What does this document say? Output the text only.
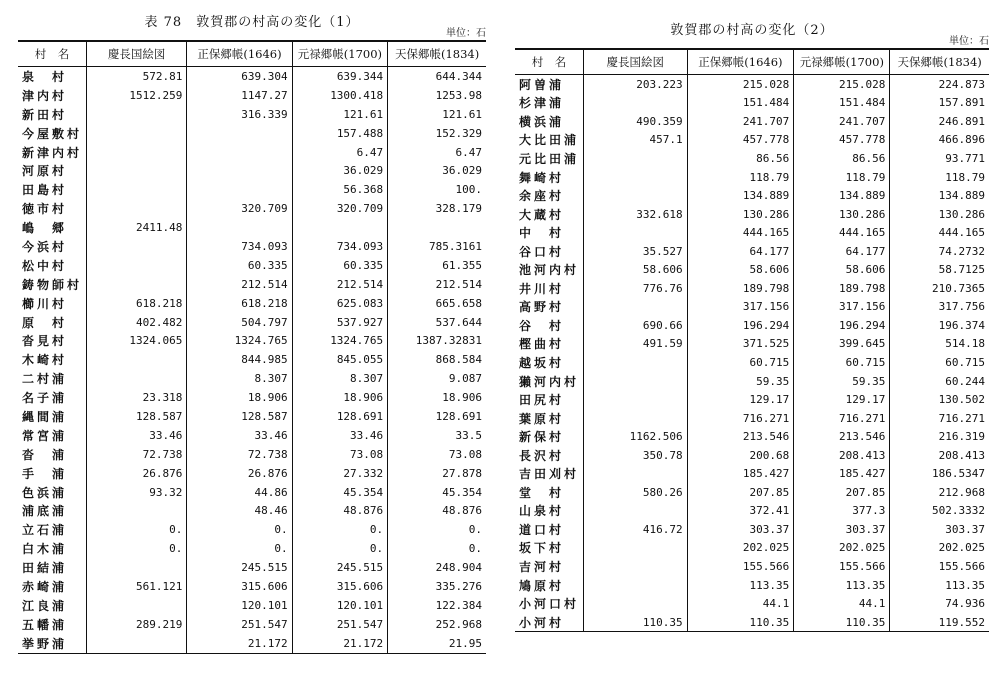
表 78　敦賀郡の村高の変化（1）
単位：石
村　名	慶長国絵図	正保郷帳(1646)	元禄郷帳(1700)	天保郷帳(1834)
泉　村	572.81	639.304	639.344	644.344
津内村	1512.259	1147.27	1300.418	1253.98
新田村		316.339	121.61	121.61
今屋敷村			157.488	152.329
新津内村			6.47	6.47
河原村			36.029	36.029
田島村			56.368	100.
徳市村		320.709	320.709	328.179
嶋　郷	2411.48			
今浜村		734.093	734.093	785.3161
松中村		60.335	60.335	61.355
鋳物師村		212.514	212.514	212.514
櫛川村	618.218	618.218	625.083	665.658
原　村	402.482	504.797	537.927	537.644
沓見村	1324.065	1324.765	1324.765	1387.32831
木崎村		844.985	845.055	868.584
二村浦		8.307	8.307	9.087
名子浦	23.318	18.906	18.906	18.906
縄間浦	128.587	128.587	128.691	128.691
常宮浦	33.46	33.46	33.46	33.5
沓　浦	72.738	72.738	73.08	73.08
手　浦	26.876	26.876	27.332	27.878
色浜浦	93.32	44.86	45.354	45.354
浦底浦		48.46	48.876	48.876
立石浦	0.	0.	0.	0.
白木浦	0.	0.	0.	0.
田結浦		245.515	245.515	248.904
赤崎浦	561.121	315.606	315.606	335.276
江良浦		120.101	120.101	122.384
五幡浦	289.219	251.547	251.547	252.968
挙野浦		21.172	21.172	21.95
敦賀郡の村高の変化（2）
単位：石
村　名	慶長国絵図	正保郷帳(1646)	元禄郷帳(1700)	天保郷帳(1834)
阿曽浦	203.223	215.028	215.028	224.873
杉津浦		151.484	151.484	157.891
横浜浦	490.359	241.707	241.707	246.891
大比田浦	457.1	457.778	457.778	466.896
元比田浦		86.56	86.56	93.771
舞崎村		118.79	118.79	118.79
余座村		134.889	134.889	134.889
大蔵村	332.618	130.286	130.286	130.286
中　村		444.165	444.165	444.165
谷口村	35.527	64.177	64.177	74.2732
池河内村	58.606	58.606	58.606	58.7125
井川村	776.76	189.798	189.798	210.7365
高野村		317.156	317.156	317.756
谷　村	690.66	196.294	196.294	196.374
樫曲村	491.59	371.525	399.645	514.18
越坂村		60.715	60.715	60.715
獺河内村		59.35	59.35	60.244
田尻村		129.17	129.17	130.502
葉原村		716.271	716.271	716.271
新保村	1162.506	213.546	213.546	216.319
長沢村	350.78	200.68	208.413	208.413
吉田刈村		185.427	185.427	186.5347
堂　村	580.26	207.85	207.85	212.968
山泉村		372.41	377.3	502.3332
道口村	416.72	303.37	303.37	303.37
坂下村		202.025	202.025	202.025
吉河村		155.566	155.566	155.566
鳩原村		113.35	113.35	113.35
小河口村		44.1	44.1	74.936
小河村	110.35	110.35	110.35	119.552
